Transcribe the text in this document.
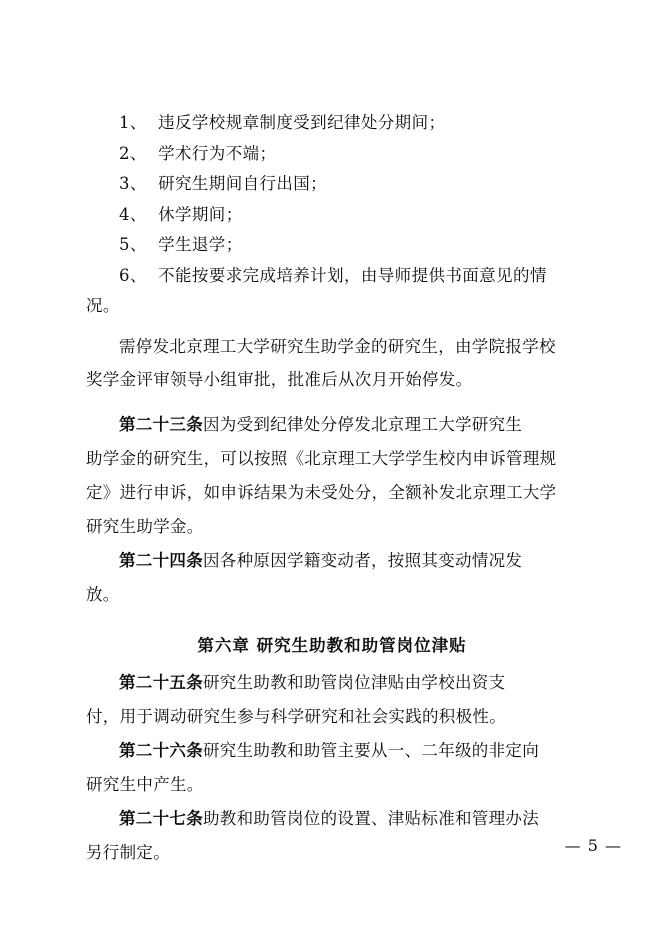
1、  违反学校规章制度受到纪律处分期间；
2、  学术行为不端；
3、  研究生期间自行出国；
4、  休学期间；
5、  学生退学；
6、  不能按要求完成培养计划，由导师提供书面意见的情
况。
需停发北京理工大学研究生助学金的研究生，由学院报学校
奖学金评审领导小组审批，批准后从次月开始停发。
第二十三条因为受到纪律处分停发北京理工大学研究生
助学金的研究生，可以按照《北京理工大学学生校内申诉管理规
定》进行申诉，如申诉结果为未受处分，全额补发北京理工大学
研究生助学金。
第二十四条因各种原因学籍变动者，按照其变动情况发
放。
第六章 研究生助教和助管岗位津贴
第二十五条研究生助教和助管岗位津贴由学校出资支
付，用于调动研究生参与科学研究和社会实践的积极性。
第二十六条研究生助教和助管主要从一、二年级的非定向
研究生中产生。
第二十七条助教和助管岗位的设置、津贴标准和管理办法
另行制定。	— 5 —
